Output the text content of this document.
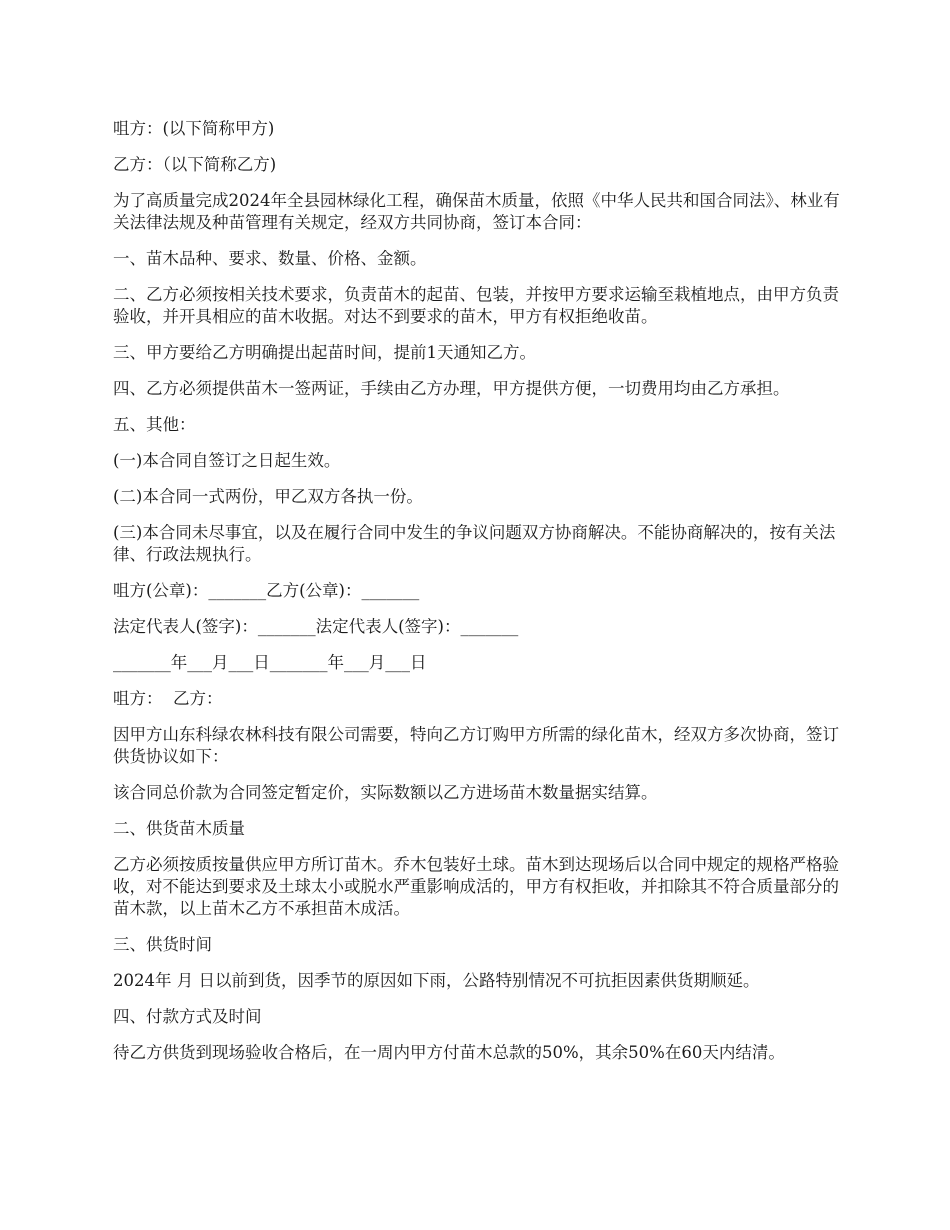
咀方：(以下简称甲方)

乙方：（以下简称乙方)

为了高质量完成2024年全县园林绿化工程，确保苗木质量，依照《中华人民共和国合同法》、林业有关法律法规及种苗管理有关规定，经双方共同协商，签订本合同：

一、苗木品种、要求、数量、价格、金额。

二、乙方必须按相关技术要求，负责苗木的起苗、包装，并按甲方要求运输至栽植地点，由甲方负责验收，并开具相应的苗木收据。对达不到要求的苗木，甲方有权拒绝收苗。

三、甲方要给乙方明确提出起苗时间，提前1天通知乙方。

四、乙方必须提供苗木一签两证，手续由乙方办理，甲方提供方便，一切费用均由乙方承担。

五、其他：

(一)本合同自签订之日起生效。

(二)本合同一式两份，甲乙双方各执一份。

(三)本合同未尽事宜，以及在履行合同中发生的争议问题双方协商解决。不能协商解决的，按有关法律、行政法规执行。

咀方(公章)：_______乙方(公章)：_______

法定代表人(签字)：_______法定代表人(签字)：_______

_______年___月___日_______年___月___日

咀方：  乙方：

因甲方山东科绿农林科技有限公司需要，特向乙方订购甲方所需的绿化苗木，经双方多次协商，签订供货协议如下：

该合同总价款为合同签定暂定价，实际数额以乙方进场苗木数量据实结算。

二、供货苗木质量

乙方必须按质按量供应甲方所订苗木。乔木包装好土球。苗木到达现场后以合同中规定的规格严格验收，对不能达到要求及土球太小或脱水严重影响成活的，甲方有权拒收，并扣除其不符合质量部分的苗木款，以上苗木乙方不承担苗木成活。

三、供货时间

2024年 月 日以前到货，因季节的原因如下雨，公路特别情况不可抗拒因素供货期顺延。

四、付款方式及时间

待乙方供货到现场验收合格后，在一周内甲方付苗木总款的50%，其余50%在60天内结清。
